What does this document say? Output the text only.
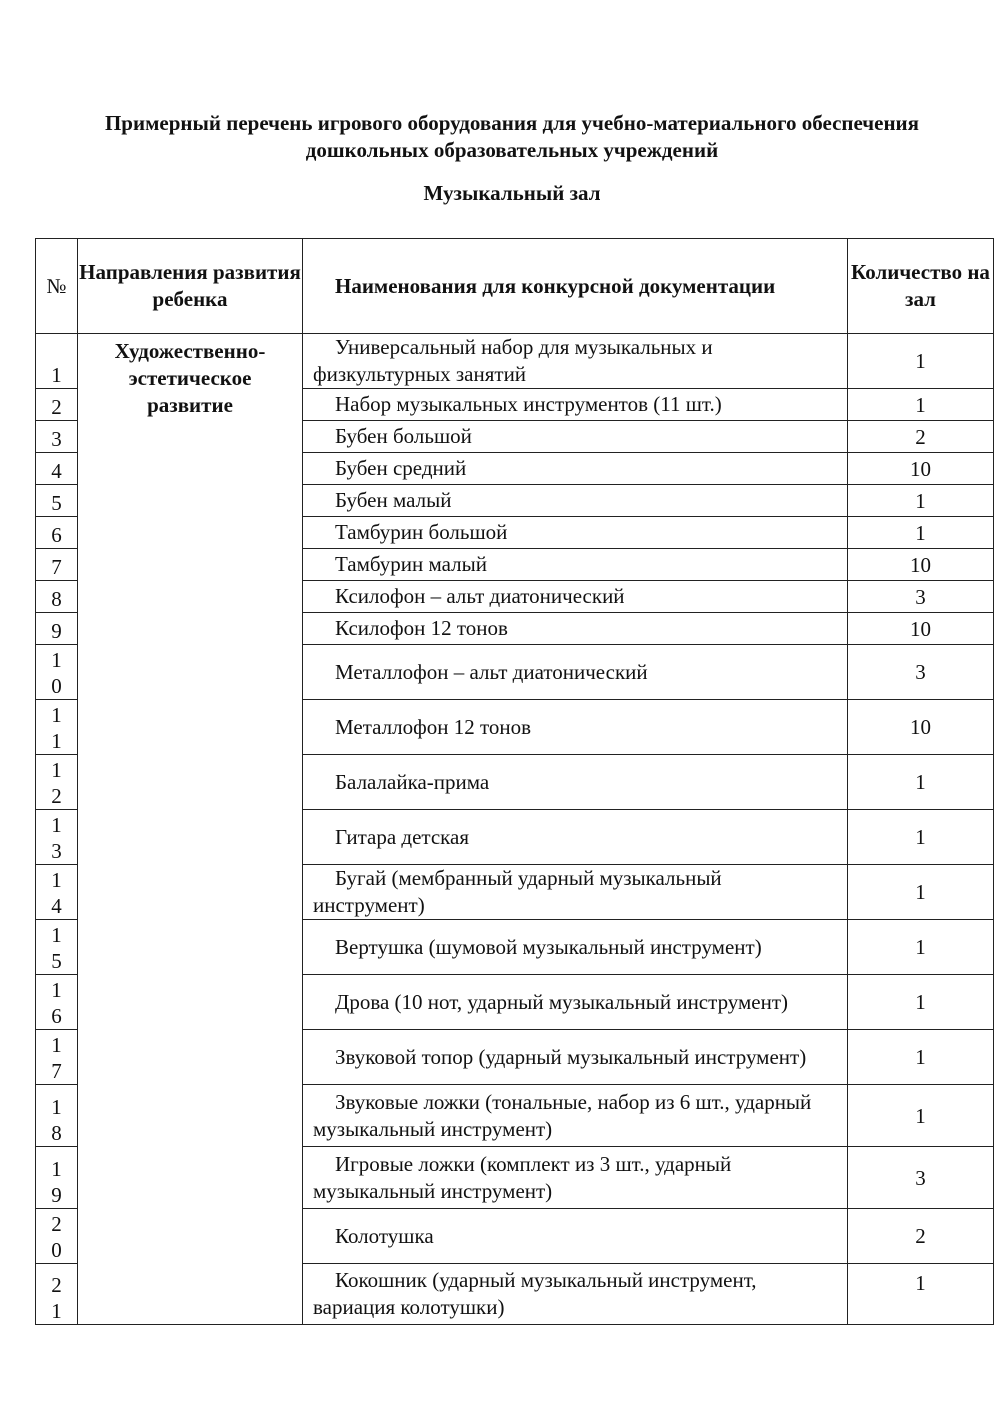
Примерный перечень игрового оборудования для учебно-материального обеспечения
дошкольных образовательных учреждений
Музыкальный зал
№	Направления развития ребенка	Наименования для конкурсной документации	Количество на зал

1	Художественно-эстетическое развитие	Универсальный набор для музыкальных и физкультурных занятий	1

2		Набор музыкальных инструментов (11 шт.)	1

3		Бубен большой	2

4		Бубен средний	10

5		Бубен малый	1

6		Тамбурин большой	1

7		Тамбурин малый	10

8		Ксилофон – альт диатонический	3

9		Ксилофон 12 тонов	10

10		Металлофон – альт диатонический	3

11		Металлофон 12 тонов	10

12		Балалайка-прима	1

13		Гитара детская	1

14		Бугай (мембранный ударный музыкальный инструмент)	1

15		Вертушка (шумовой музыкальный инструмент)	1

16		Дрова (10 нот, ударный музыкальный инструмент)	1

17		Звуковой топор (ударный музыкальный инструмент)	1

18		Звуковые ложки (тональные, набор из 6 шт., ударный музыкальный инструмент)	1

19		Игровые ложки (комплект из 3 шт., ударный музыкальный инструмент)	3

20		Колотушка	2

21		Кокошник (ударный музыкальный инструмент, вариация колотушки)	1
